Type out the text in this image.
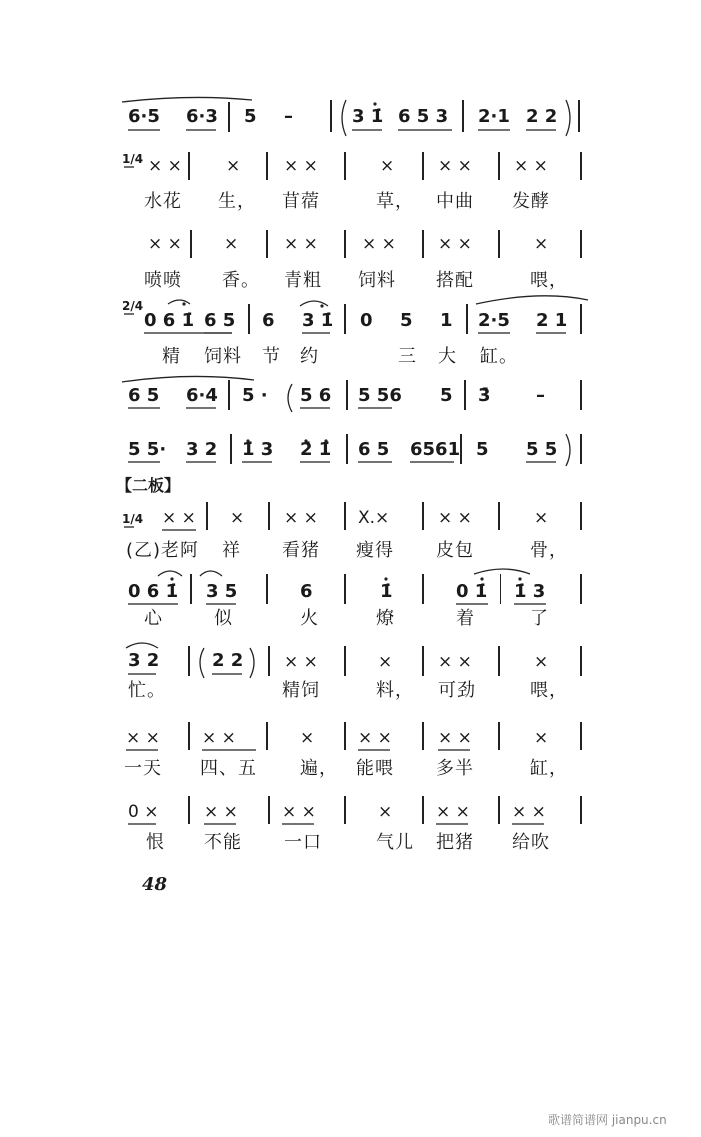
1/4
2/4
1/4
6·5 6·3 5 –	3 1̇ 6 5 3 2·1 2 2
× ×	×	× ×	×	× × × ×
水花 生， 苜蓿	草， 中曲 发酵
× × ×	× ×	× × × ×	×
喷喷 香。 青粗 饲料 搭配	喂，
0 6 1̇ 6 5 6 3 1̇ 0 5 1 2·5 2 1
精 饲料 节 约	三 大 缸。
6 5 6·4 5 · 5 6 5 56 5 3̇	–
5 5· 3 2 1̇ 3 2̇ 1̇ 6 5 6561 5 5 5
【二板】
× × × × × X.×	× ×	×
(乙)老阿 祥 看猪 瘦得 皮包	骨，
0 6 1̇ 3 5	6	1̇	0 1̇ 1̇ 3
心	似	火	燎	着	了
3 2	2 2 × ×	×	× ×	×
忙。	精饲	料， 可劲	喂，
× × × ×	×	× ×	× ×	×
一天 四、五 遍， 能喂 多半	缸，
0 ×	× ×	× ×	×	× × × ×
恨 不能 一口	气儿 把猪 给吹
48
歌谱简谱网 jianpu.cn
